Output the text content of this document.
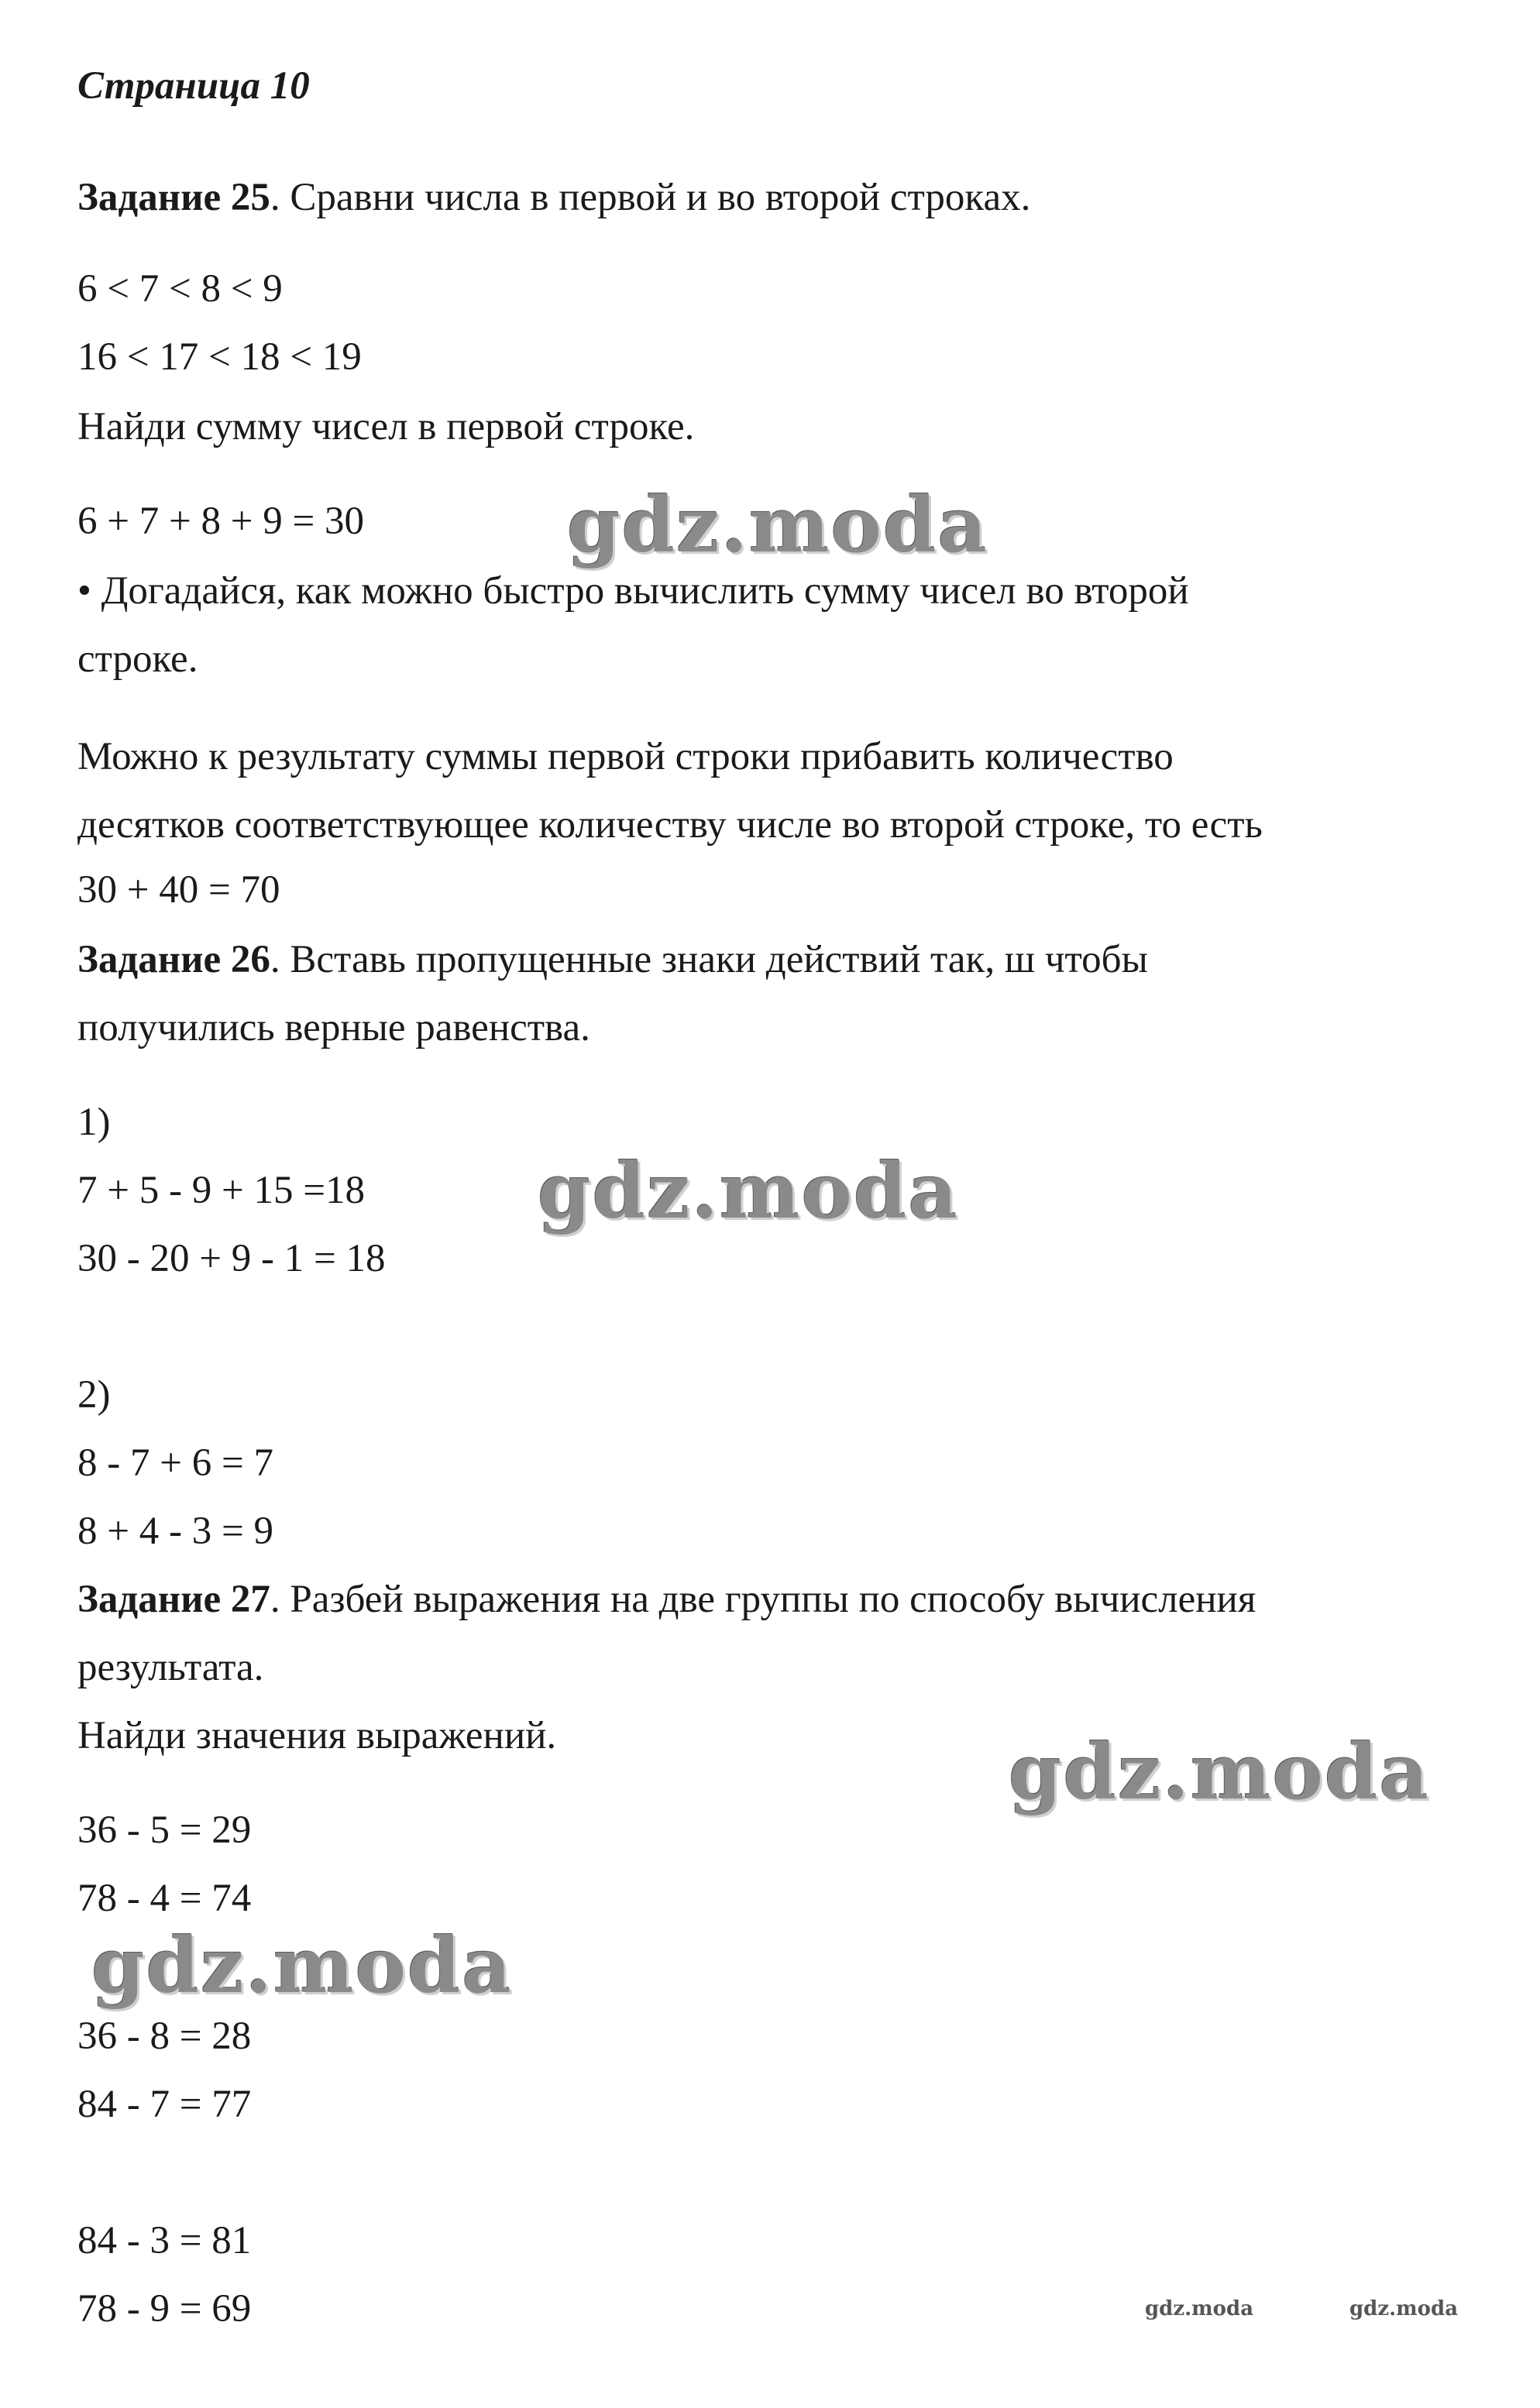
Страница 10
Задание 25. Сравни числа в первой и во второй строках.
6 < 7 < 8 < 9
16 < 17 < 18 < 19
Найди сумму чисел в первой строке.
6 + 7 + 8 + 9 = 30
• Догадайся, как можно быстро вычислить сумму чисел во второй
строке.
Можно к результату суммы первой строки прибавить количество
десятков соответствующее количеству числе во второй строке, то есть
30 + 40 = 70
Задание 26. Вставь пропущенные знаки действий так, ш чтобы
получились верные равенства.
1)
7 + 5 - 9 + 15 =18
30 - 20 + 9 - 1 = 18
2)
8 - 7 + 6 = 7
8 + 4 - 3 = 9
Задание 27. Разбей выражения на две группы по способу вычисления
результата.
Найди значения выражений.
36 - 5 = 29
78 - 4 = 74
36 - 8 = 28
84 - 7 = 77
84 - 3 = 81
78 - 9 = 69
gdz.moda
gdz.moda
gdz.moda
gdz.moda
gdz.moda	gdz.moda
